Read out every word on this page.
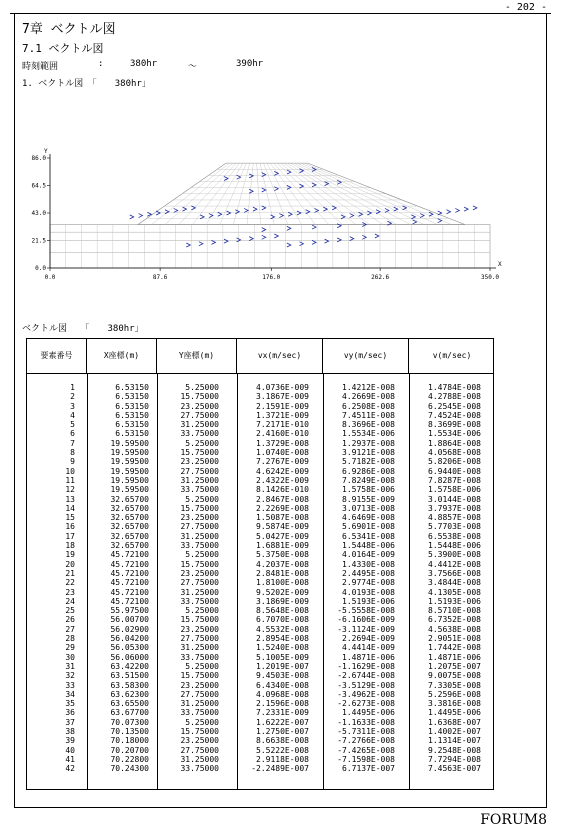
- 202 -
7章 ベクトル図
7.1 ベクトル図
時刻範囲	:	380hr	〜	390hr
1. ベクトル図　「　　380hr」
0.0	87.6	176.0	262.6	350.0
0.0
21.5
43.0
64.5
86.0
X
Y
ベクトル図　　「　　380hr」
要素番号	X座標(m)	Y座標(m)	vx(m/sec)	vy(m/sec)	v(m/sec)
1	6.53150	5.25000	4.0736E-009	1.4212E-008	1.4784E-008
2	6.53150	15.75000	3.1867E-009	4.2669E-008	4.2788E-008
3	6.53150	23.25000	2.1591E-009	6.2508E-008	6.2545E-008
4	6.53150	27.75000	1.3721E-009	7.4511E-008	7.4524E-008
5	6.53150	31.25000	7.2171E-010	8.3696E-008	8.3699E-008
6	6.53150	33.75000	2.4160E-010	1.5534E-006	1.5534E-006
7	19.59500	5.25000	1.3729E-008	1.2937E-008	1.8864E-008
8	19.59500	15.75000	1.0740E-008	3.9121E-008	4.0568E-008
9	19.59500	23.25000	7.2767E-009	5.7182E-008	5.8206E-008
10	19.59500	27.75000	4.6242E-009	6.9286E-008	6.9440E-008
11	19.59500	31.25000	2.4322E-009	7.8249E-008	7.8287E-008
12	19.59500	33.75000	8.1426E-010	1.5758E-006	1.5758E-006
13	32.65700	5.25000	2.8467E-008	8.9155E-009	3.0144E-008
14	32.65700	15.75000	2.2269E-008	3.0713E-008	3.7937E-008
15	32.65700	23.25000	1.5087E-008	4.6469E-008	4.8857E-008
16	32.65700	27.75000	9.5874E-009	5.6901E-008	5.7703E-008
17	32.65700	31.25000	5.0427E-009	6.5341E-008	6.5538E-008
18	32.65700	33.75000	1.6881E-009	1.5448E-006	1.5448E-006
19	45.72100	5.25000	5.3750E-008	4.0164E-009	5.3900E-008
20	45.72100	15.75000	4.2037E-008	1.4330E-008	4.4412E-008
21	45.72100	23.25000	2.8481E-008	2.4495E-008	3.7566E-008
22	45.72100	27.75000	1.8100E-008	2.9774E-008	3.4844E-008
23	45.72100	31.25000	9.5202E-009	4.0193E-008	4.1305E-008
24	45.72100	33.75000	3.1869E-009	1.5193E-006	1.5193E-006
25	55.97500	5.25000	8.5648E-008	-5.5558E-008	8.5710E-008
26	56.00700	15.75000	6.7070E-008	-6.1606E-009	6.7352E-008
27	56.02900	23.25000	4.5532E-008	-3.1124E-009	4.5638E-008
28	56.04200	27.75000	2.8954E-008	2.2694E-009	2.9051E-008
29	56.05300	31.25000	1.5240E-008	4.4414E-009	1.7442E-008
30	56.06000	33.75000	5.1005E-009	1.4871E-006	1.4871E-006
31	63.42200	5.25000	1.2019E-007	-1.1629E-008	1.2075E-007
32	63.51500	15.75000	9.4503E-008	-2.6744E-008	9.0075E-008
33	63.58300	23.25000	6.4340E-008	-3.5129E-008	7.3305E-008
34	63.62300	27.75000	4.0968E-008	-3.4962E-008	5.2596E-008
35	63.65500	31.25000	2.1596E-008	-2.6273E-008	3.3816E-008
36	63.67700	33.75000	7.2331E-009	1.4495E-006	1.4495E-006
37	70.07300	5.25000	1.6222E-007	-1.1633E-008	1.6368E-007
38	70.13500	15.75000	1.2750E-007	-5.7311E-008	1.4002E-007
39	70.18000	23.25000	8.6638E-008	-7.2766E-008	1.1314E-007
40	70.20700	27.75000	5.5222E-008	-7.4265E-008	9.2548E-008
41	70.22800	31.25000	2.9118E-008	-7.1598E-008	7.7294E-008
42	70.24300	33.75000	-2.2489E-007	6.7137E-007	7.4563E-007
FORUM8
